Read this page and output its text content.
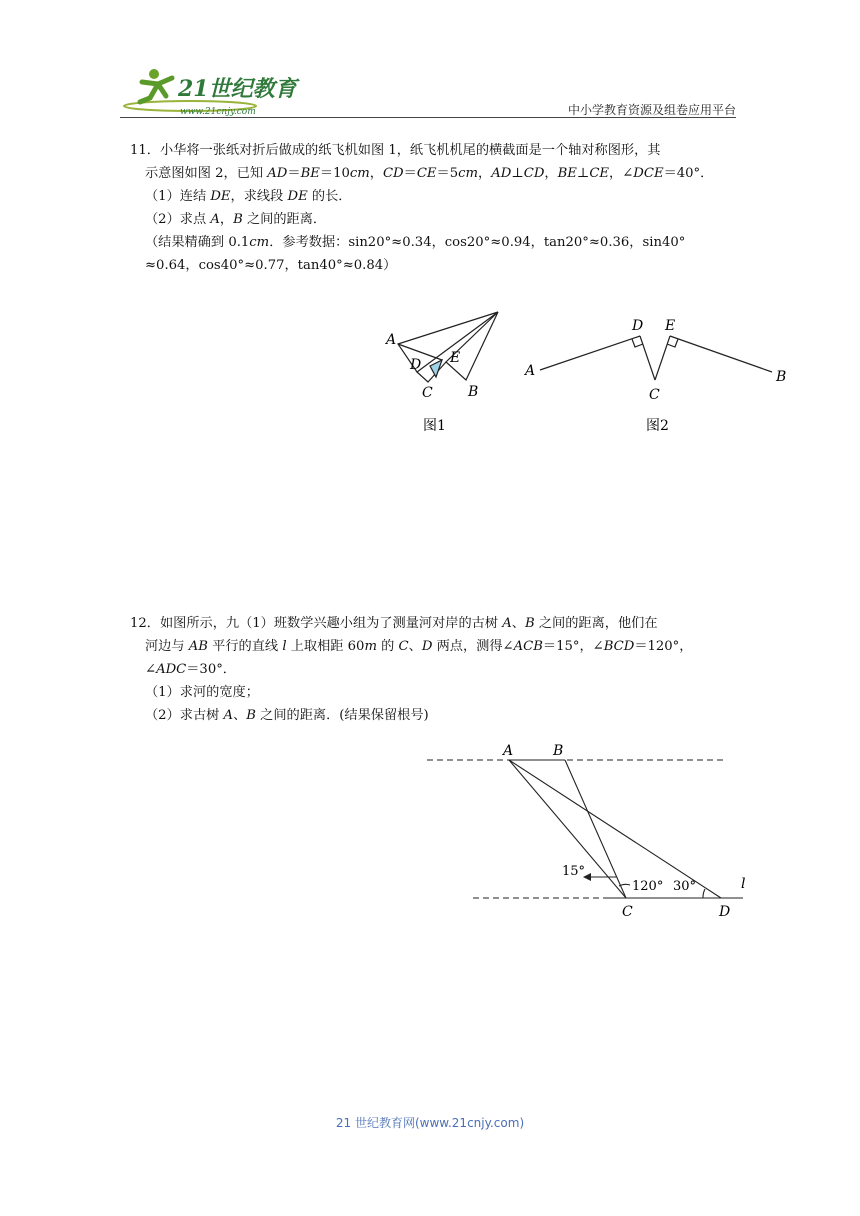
21世纪教育
www.21cnjy.com	中小学教育资源及组卷应用平台

11．小华将一张纸对折后做成的纸飞机如图 1，纸飞机机尾的横截面是一个轴对称图形，其
示意图如图 2，已知 AD＝BE＝10cm，CD＝CE＝5cm，AD⊥CD，BE⊥CE，∠DCE＝40°．

（1）连结 DE，求线段 DE 的长．

（2）求点 A，B 之间的距离．

（结果精确到 0.1cm．参考数据：sin20°≈0.34，cos20°≈0.94，tan20°≈0.36，sin40°

≈0.64，cos40°≈0.77，tan40°≈0.84）

A
D E
C	B
图1
A
D E
C
B
图2

12．如图所示，九（1）班数学兴趣小组为了测量河对岸的古树 A、B 之间的距离，他们在
河边与 AB 平行的直线 l 上取相距 60m 的 C、D 两点，测得∠ACB＝15°，∠BCD＝120°，
∠ADC＝30°．

（1）求河的宽度；

（2）求古树 A、B 之间的距离．(结果保留根号)

A	B
C	D
l
15°
120° 30°
21 世纪教育网(www.21cnjy.com)
